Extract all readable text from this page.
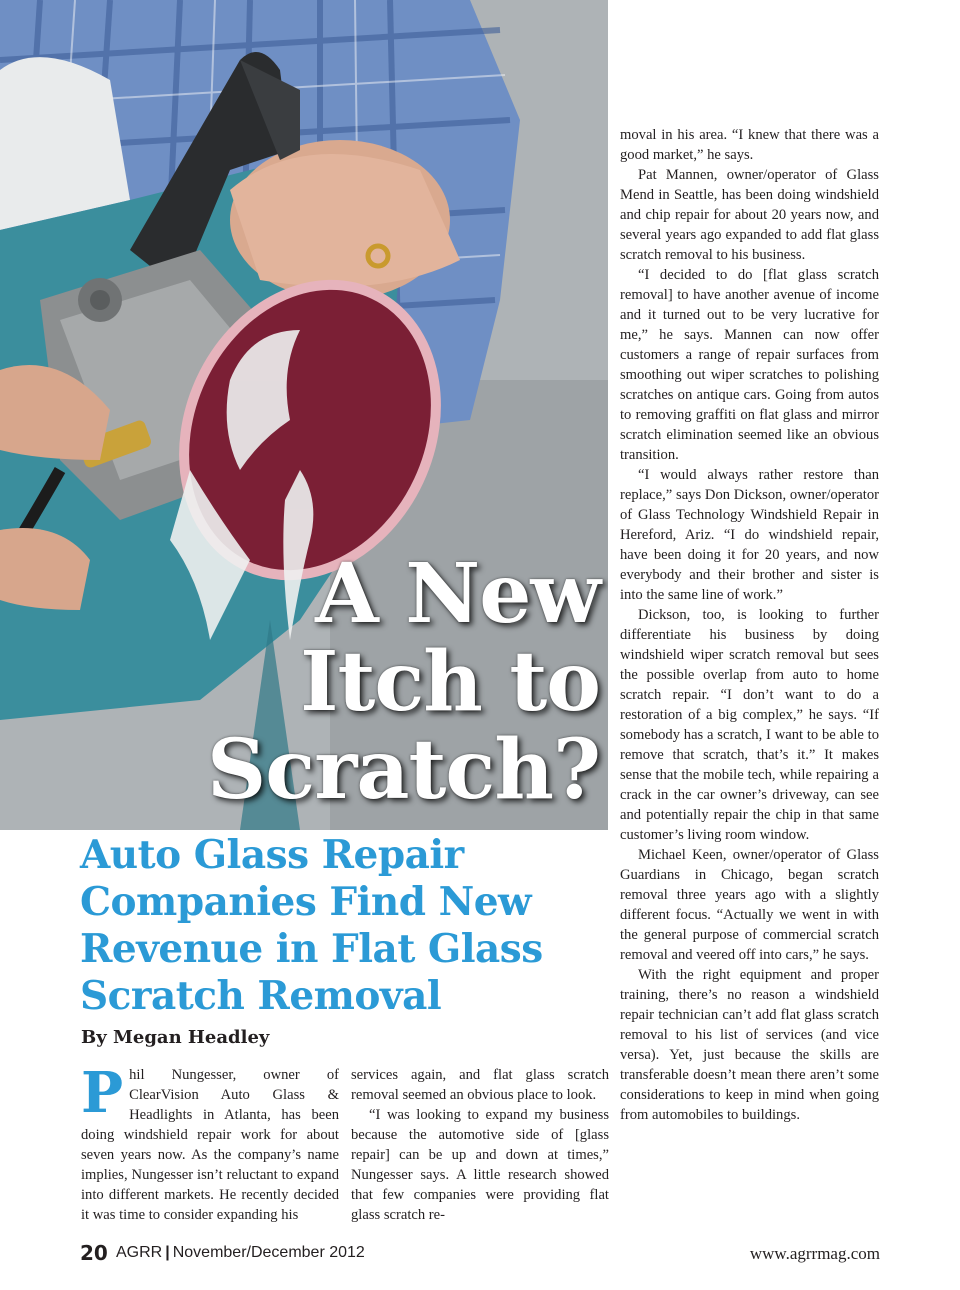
A New
Itch to
Scratch?
Auto Glass Repair
Companies Find New
Revenue in Flat Glass
Scratch Removal
By Megan Headley

Phil Nungesser, owner of ClearVision Auto Glass & Headlights in Atlanta, has been doing windshield repair work for about seven years now. As the company’s name implies, Nungesser isn’t reluctant to expand into different markets. He recently decided it was time to consider expanding his

services again, and flat glass scratch removal seemed an obvious place to look.

“I was looking to expand my business because the automotive side of [glass repair] can be up and down at times,” Nungesser says. A little research showed that few companies were providing flat glass scratch re-

moval in his area. “I knew that there was a good market,” he says.

Pat Mannen, owner/operator of Glass Mend in Seattle, has been doing windshield and chip repair for about 20 years now, and several years ago expanded to add flat glass scratch removal to his business.

“I decided to do [flat glass scratch removal] to have another avenue of income and it turned out to be very lucrative for me,” he says. Mannen can now offer customers a range of repair surfaces from smoothing out wiper scratches to polishing scratches on antique cars. Going from autos to removing graffiti on flat glass and mirror scratch elimination seemed like an obvious transition.

“I would always rather restore than replace,” says Don Dickson, owner/operator of Glass Technology Windshield Repair in Hereford, Ariz. “I do windshield repair, have been doing it for 20 years, and now everybody and their brother and sister is into the same line of work.”

Dickson, too, is looking to further differentiate his business by doing windshield wiper scratch removal but sees the possible overlap from auto to home scratch repair. “I don’t want to do a restoration of a big complex,” he says. “If somebody has a scratch, I want to be able to remove that scratch, that’s it.” It makes sense that the mobile tech, while repairing a crack in the car owner’s driveway, can see and potentially repair the chip in that same customer’s living room window.

Michael Keen, owner/operator of Glass Guardians in Chicago, began scratch removal three years ago with a slightly different focus. “Actually we went in with the general purpose of commercial scratch removal and veered off into cars,” he says.

With the right equipment and proper training, there’s no reason a windshield repair technician can’t add flat glass scratch removal to his list of services (and vice versa). Yet, just because the skills are transferable doesn’t mean there aren’t some considerations to keep in mind when going from automobiles to buildings.

20 AGRR | November/December 2012	www.agrrmag.com
